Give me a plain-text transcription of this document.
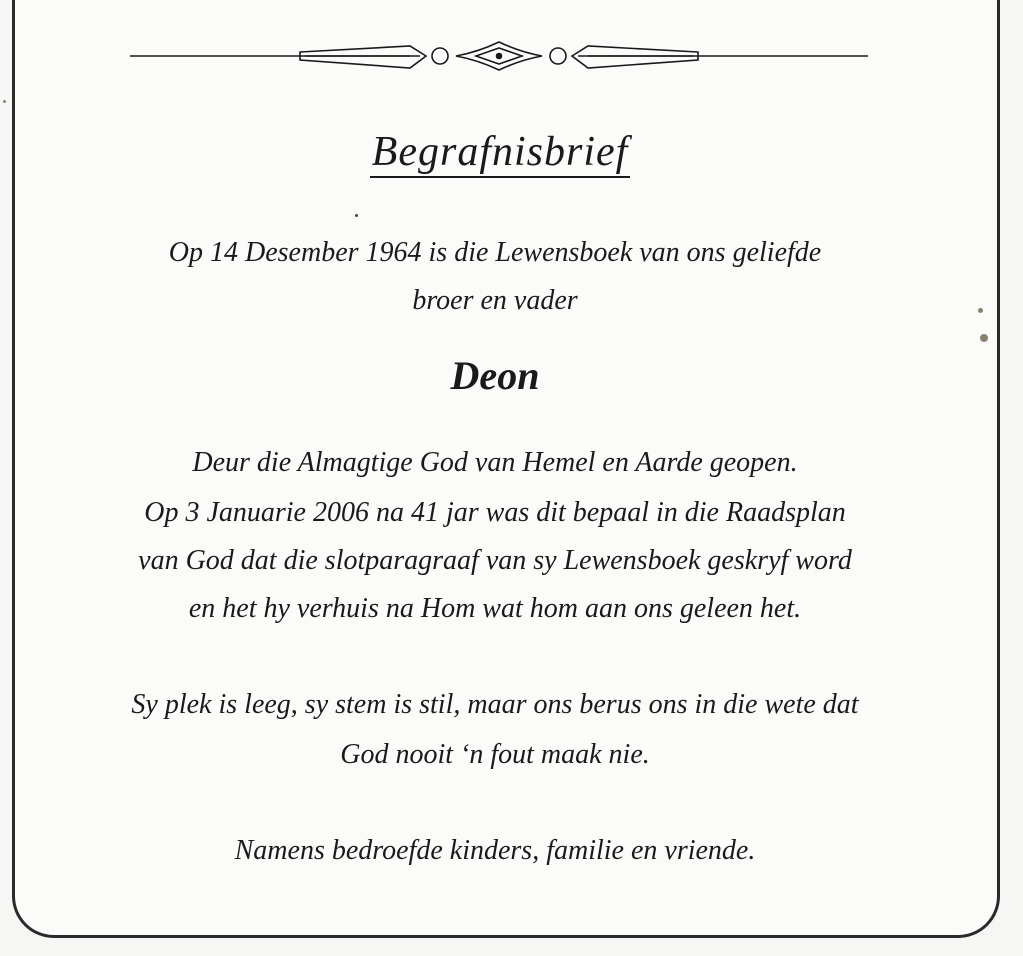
Begrafnisbrief
Op 14 Desember 1964 is die Lewensboek van ons geliefde
broer en vader
Deon
Deur die Almagtige God van Hemel en Aarde geopen.
Op 3 Januarie 2006 na 41 jar was dit bepaal in die Raadsplan
van God dat die slotparagraaf van sy Lewensboek geskryf word
en het hy verhuis na Hom wat hom aan ons geleen het.
Sy plek is leeg, sy stem is stil, maar ons berus ons in die wete dat
God nooit ‘n fout maak nie.
Namens bedroefde kinders, familie en vriende.
